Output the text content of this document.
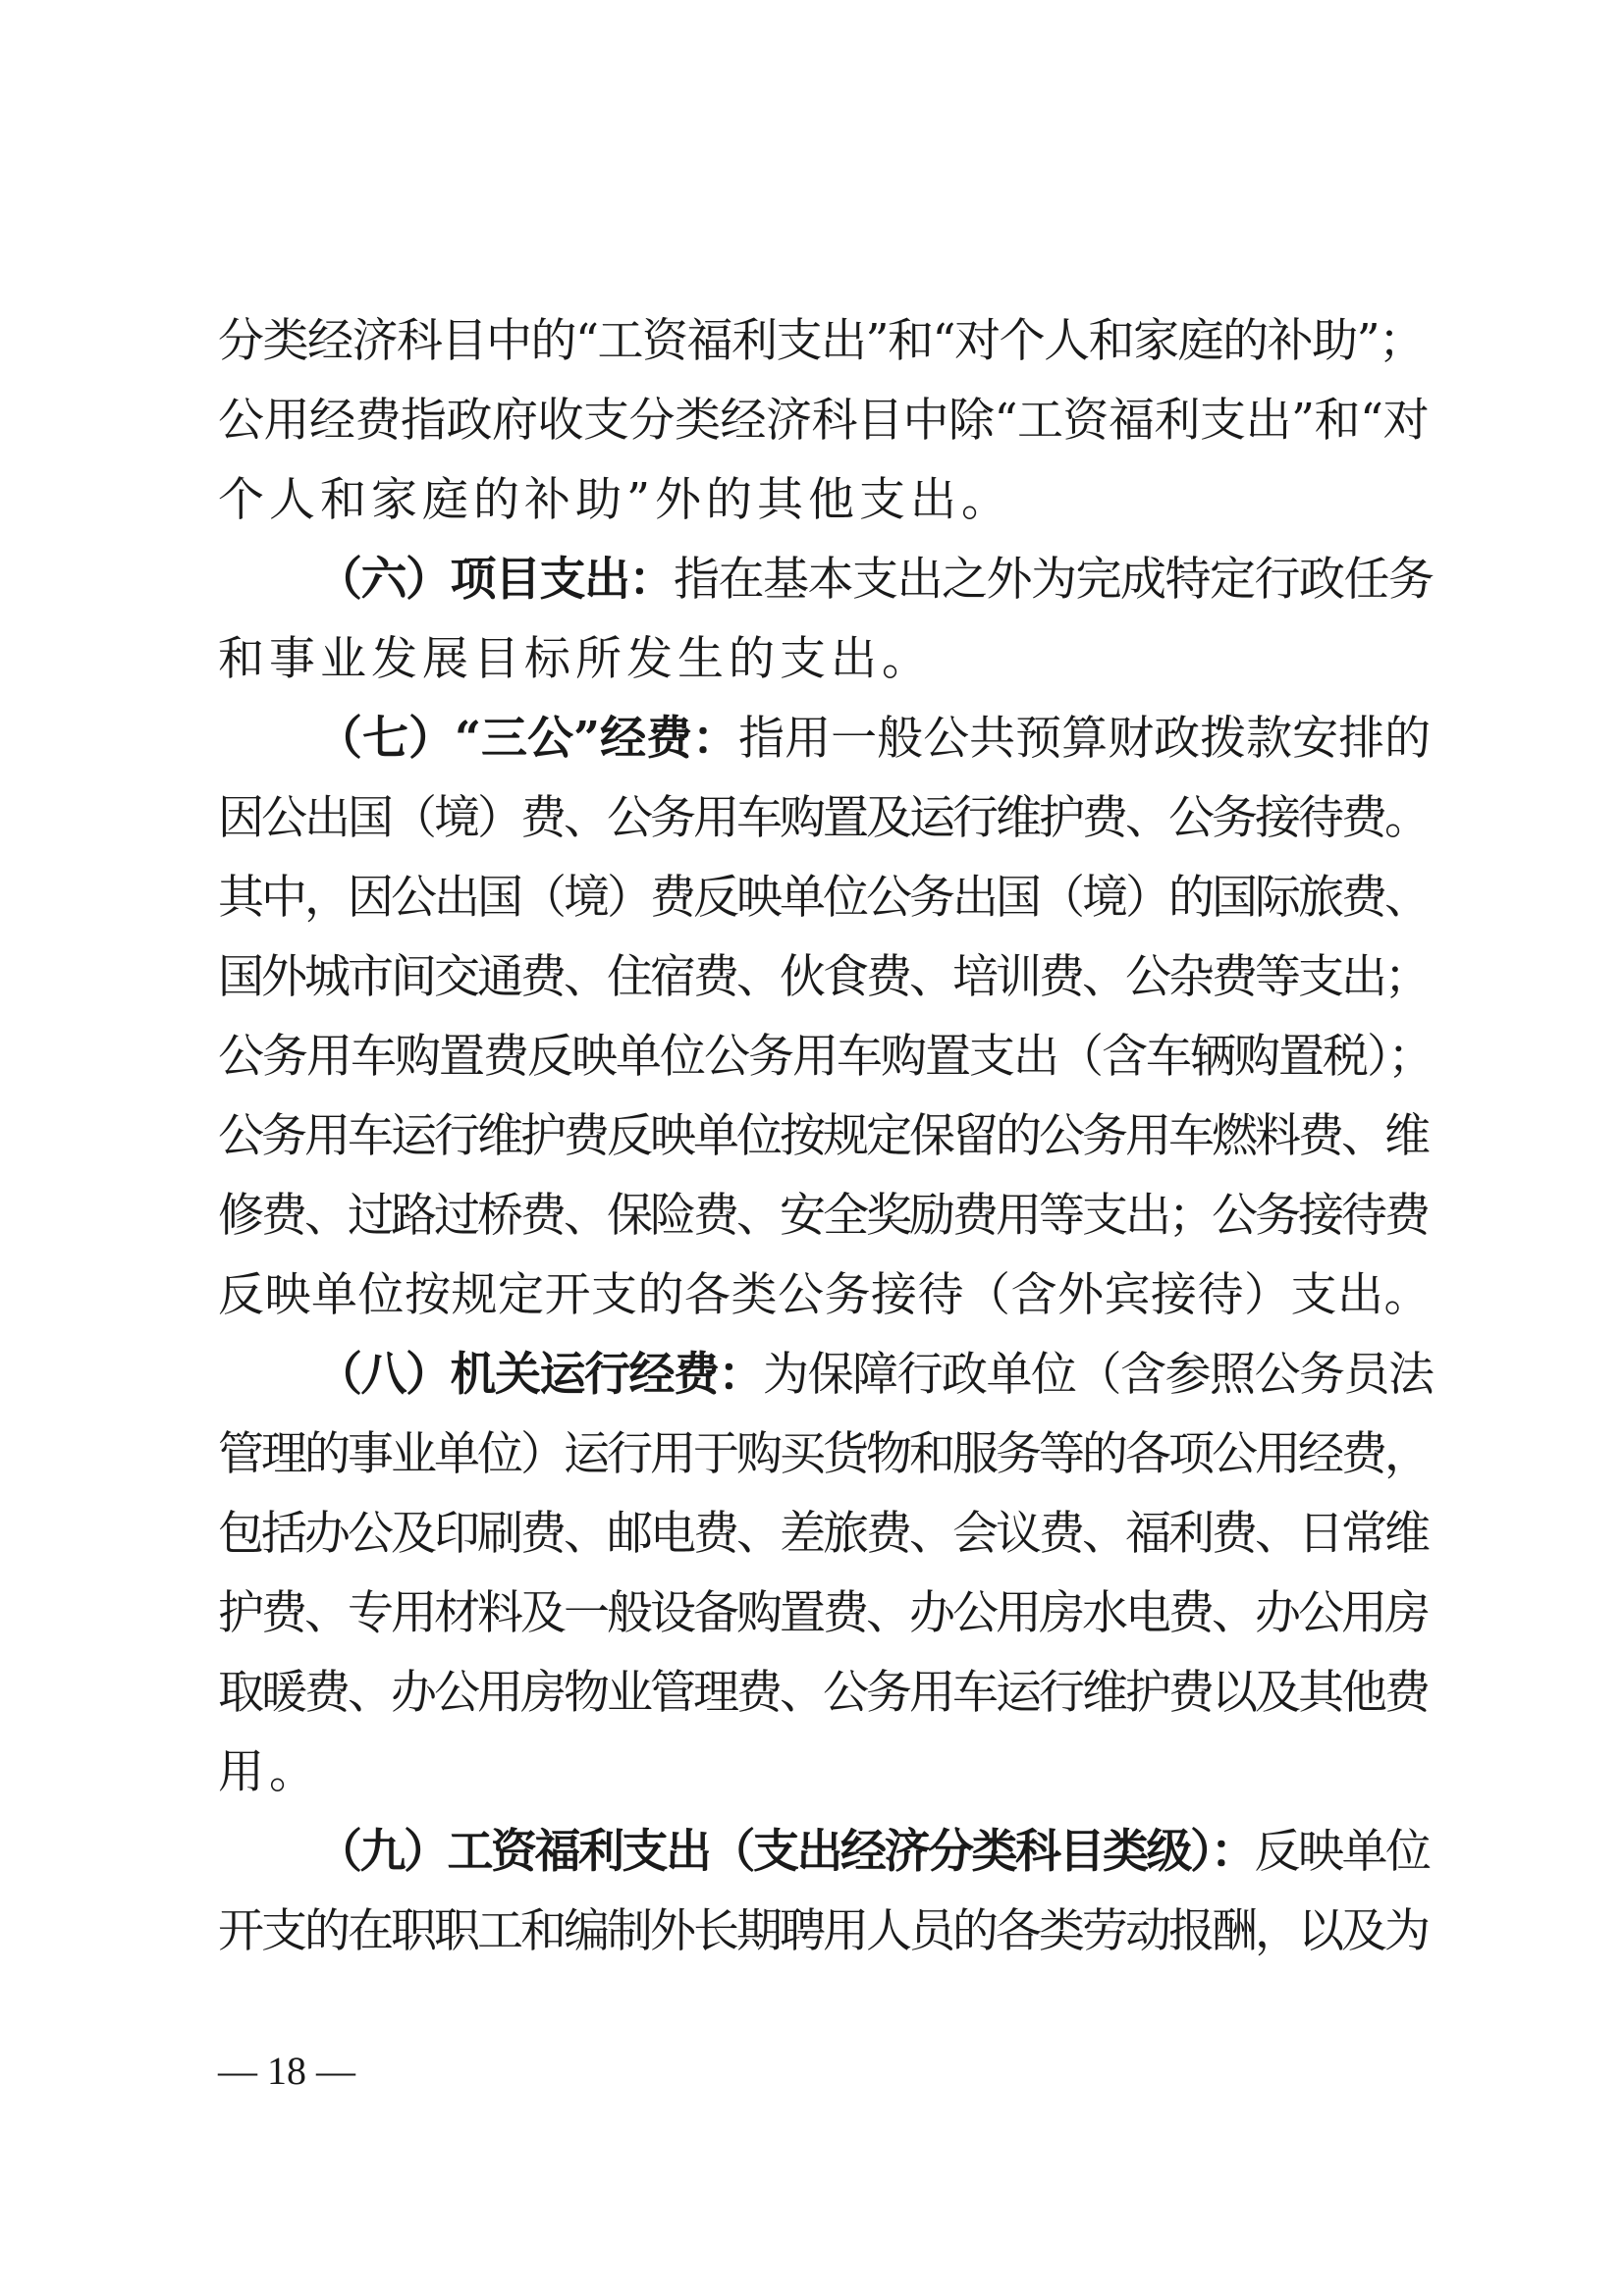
分类经济科目中的“工资福利支出”和“对个人和家庭的补助”；
公用经费指政府收支分类经济科目中除“工资福利支出”和“对
个人和家庭的补助”外的其他支出。
（六）项目支出：指在基本支出之外为完成特定行政任务
和事业发展目标所发生的支出。
（七）“三公”经费：指用一般公共预算财政拨款安排的
因公出国（境）费、公务用车购置及运行维护费、公务接待费。
其中，因公出国（境）费反映单位公务出国（境）的国际旅费、
国外城市间交通费、住宿费、伙食费、培训费、公杂费等支出；
公务用车购置费反映单位公务用车购置支出（含车辆购置税）；
公务用车运行维护费反映单位按规定保留的公务用车燃料费、维
修费、过路过桥费、保险费、安全奖励费用等支出；公务接待费
反映单位按规定开支的各类公务接待（含外宾接待）支出。
（八）机关运行经费：为保障行政单位（含参照公务员法
管理的事业单位）运行用于购买货物和服务等的各项公用经费，
包括办公及印刷费、邮电费、差旅费、会议费、福利费、日常维
护费、专用材料及一般设备购置费、办公用房水电费、办公用房
取暖费、办公用房物业管理费、公务用车运行维护费以及其他费
用。
（九）工资福利支出（支出经济分类科目类级）：反映单位
开支的在职职工和编制外长期聘用人员的各类劳动报酬，以及为
— 18 —
